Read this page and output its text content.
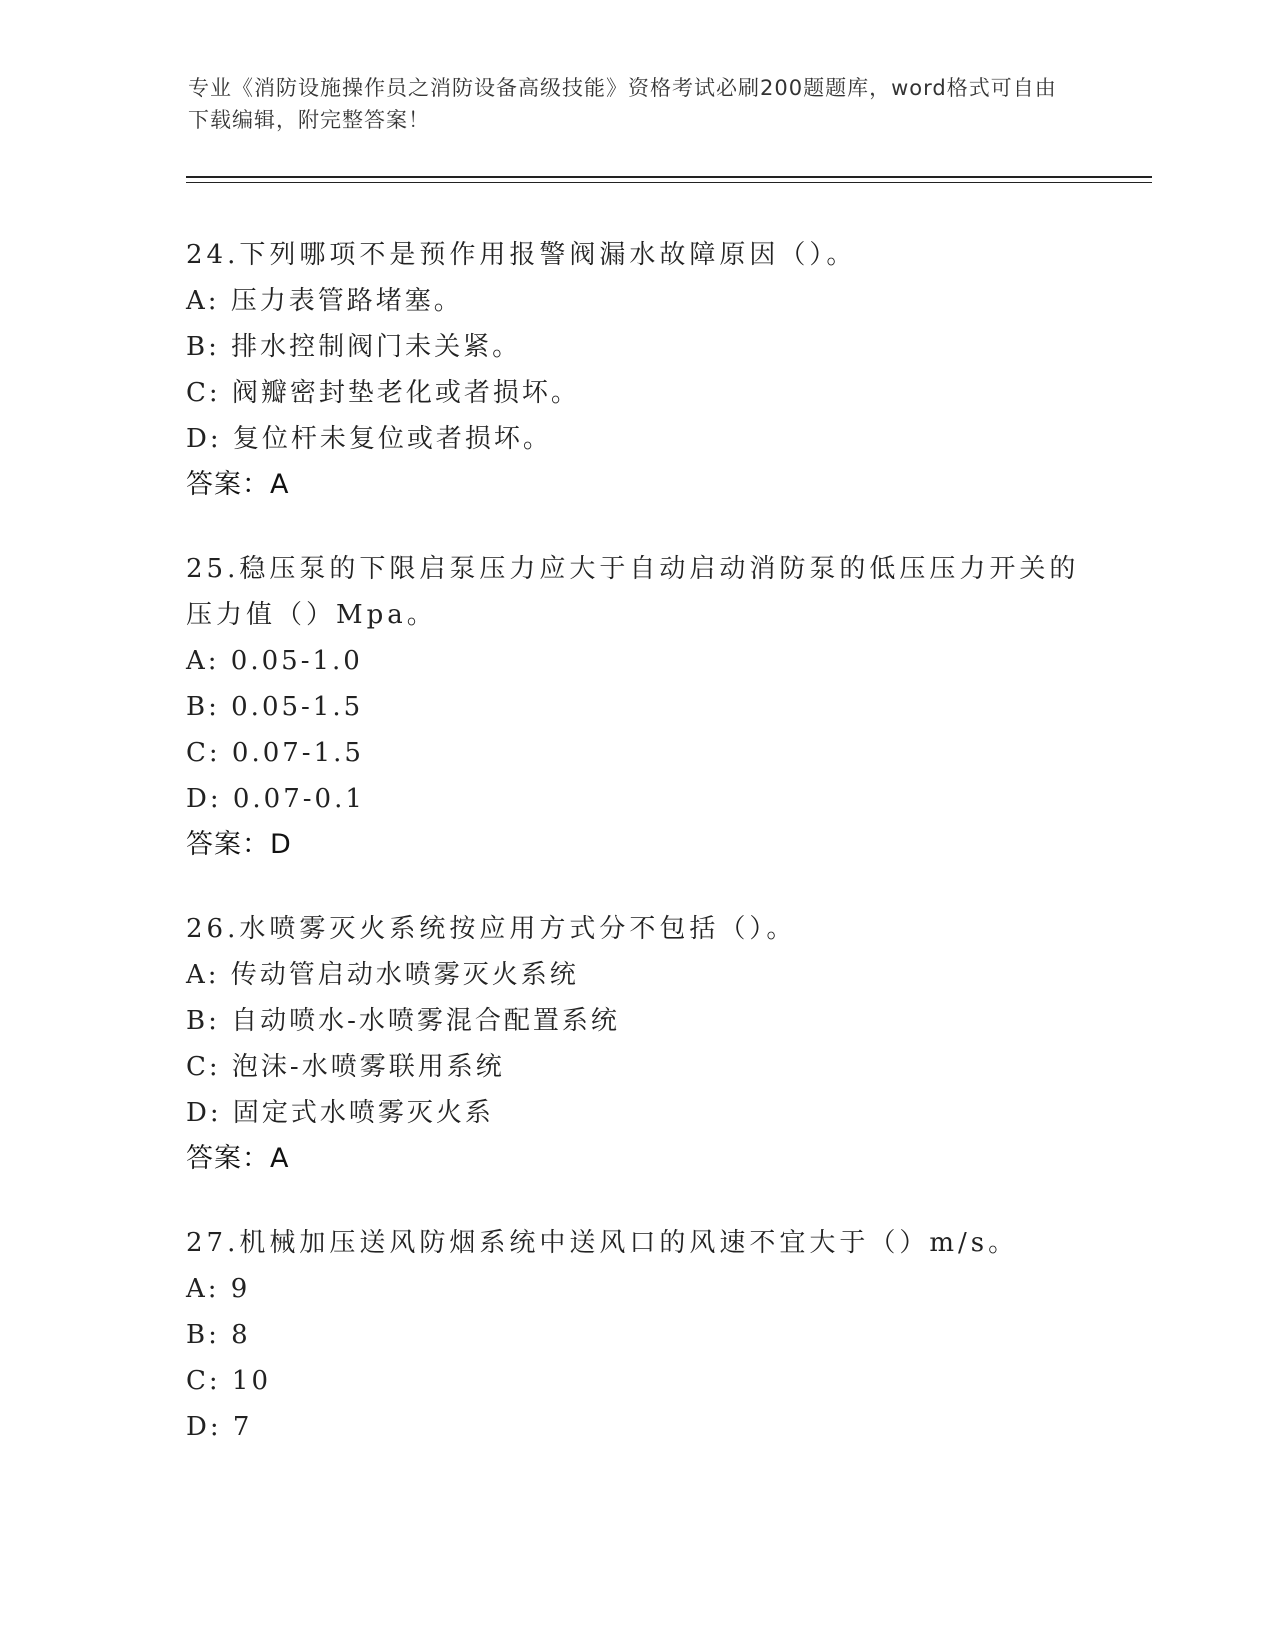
专业《消防设施操作员之消防设备高级技能》资格考试必刷200题题库，word格式可自由下载编辑，附完整答案！
24.下列哪项不是预作用报警阀漏水故障原因（）。
A: 压力表管路堵塞。
B: 排水控制阀门未关紧。
C: 阀瓣密封垫老化或者损坏。
D: 复位杆未复位或者损坏。
答案：A
25.稳压泵的下限启泵压力应大于自动启动消防泵的低压压力开关的压力值（）Mpa。
A: 0.05-1.0
B: 0.05-1.5
C: 0.07-1.5
D: 0.07-0.1
答案：D
26.水喷雾灭火系统按应用方式分不包括（）。
A: 传动管启动水喷雾灭火系统
B: 自动喷水-水喷雾混合配置系统
C: 泡沫-水喷雾联用系统
D: 固定式水喷雾灭火系
答案：A
27.机械加压送风防烟系统中送风口的风速不宜大于（）m/s。
A: 9
B: 8
C: 10
D: 7
